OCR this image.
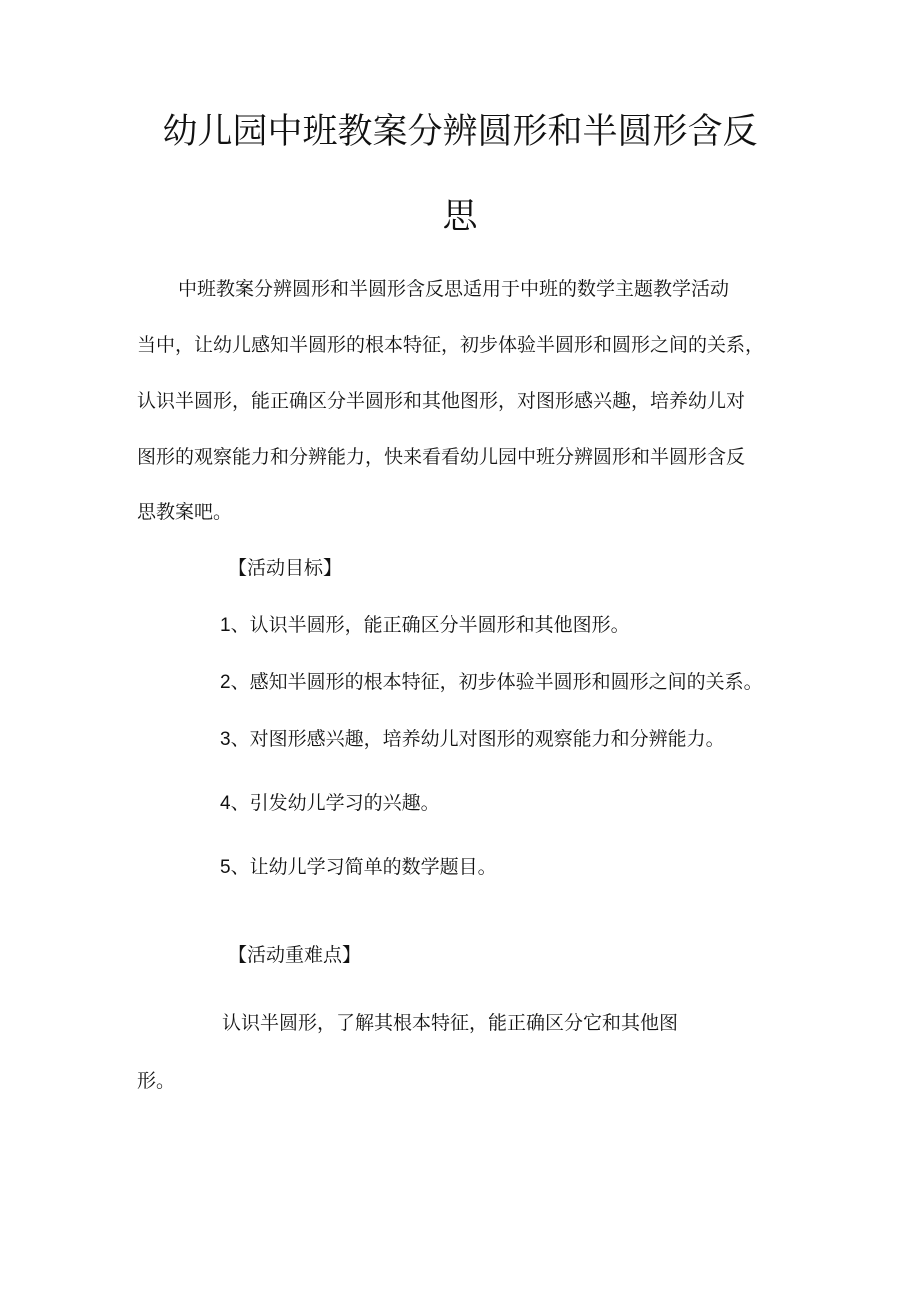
幼儿园中班教案分辨圆形和半圆形含反
思
中班教案分辨圆形和半圆形含反思适用于中班的数学主题教学活动
当中，让幼儿感知半圆形的根本特征，初步体验半圆形和圆形之间的关系，
认识半圆形，能正确区分半圆形和其他图形，对图形感兴趣，培养幼儿对
图形的观察能力和分辨能力，快来看看幼儿园中班分辨圆形和半圆形含反
思教案吧。
【活动目标】
1、认识半圆形，能正确区分半圆形和其他图形。
2、感知半圆形的根本特征，初步体验半圆形和圆形之间的关系。
3、对图形感兴趣，培养幼儿对图形的观察能力和分辨能力。
4、引发幼儿学习的兴趣。
5、让幼儿学习简单的数学题目。
【活动重难点】
认识半圆形，了解其根本特征，能正确区分它和其他图
形。
